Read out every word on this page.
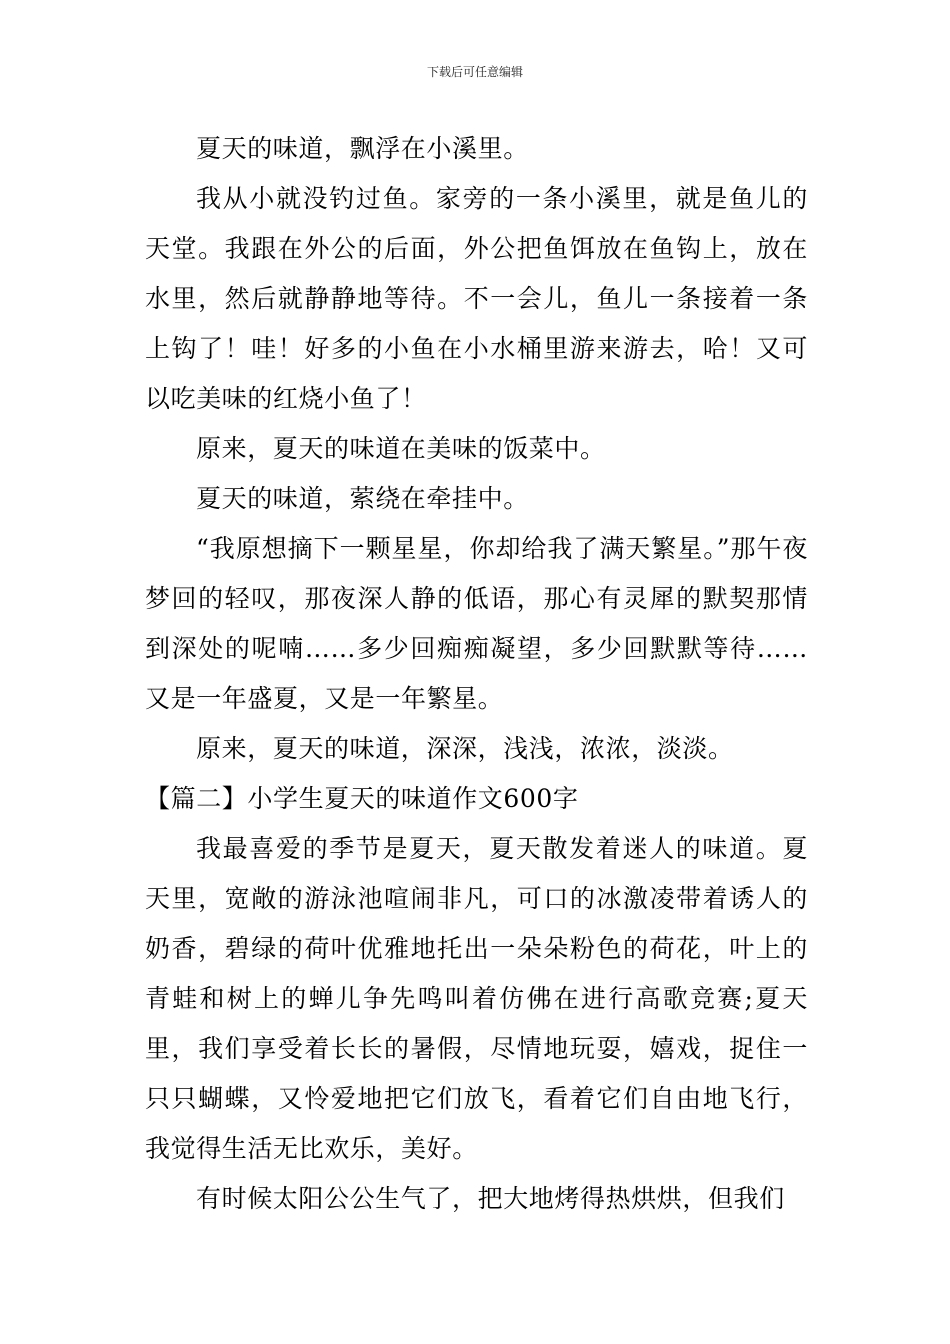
下载后可任意编辑

夏天的味道，飘浮在小溪里。

我从小就没钓过鱼。家旁的一条小溪里，就是鱼儿的天堂。我跟在外公的后面，外公把鱼饵放在鱼钩上，放在水里，然后就静静地等待。不一会儿，鱼儿一条接着一条上钩了！哇！好多的小鱼在小水桶里游来游去，哈！又可以吃美味的红烧小鱼了！

原来，夏天的味道在美味的饭菜中。

夏天的味道，萦绕在牵挂中。

“我原想摘下一颗星星，你却给我了满天繁星。”那午夜梦回的轻叹，那夜深人静的低语，那心有灵犀的默契那情到深处的呢喃……多少回痴痴凝望，多少回默默等待……又是一年盛夏，又是一年繁星。

原来，夏天的味道，深深，浅浅，浓浓，淡淡。

【篇二】小学生夏天的味道作文600字

我最喜爱的季节是夏天，夏天散发着迷人的味道。夏天里，宽敞的游泳池喧闹非凡，可口的冰激凌带着诱人的奶香，碧绿的荷叶优雅地托出一朵朵粉色的荷花，叶上的青蛙和树上的蝉儿争先鸣叫着仿佛在进行高歌竞赛;夏天里，我们享受着长长的暑假，尽情地玩耍，嬉戏，捉住一只只蝴蝶，又怜爱地把它们放飞，看着它们自由地飞行，我觉得生活无比欢乐，美好。

有时候太阳公公生气了，把大地烤得热烘烘，但我们
